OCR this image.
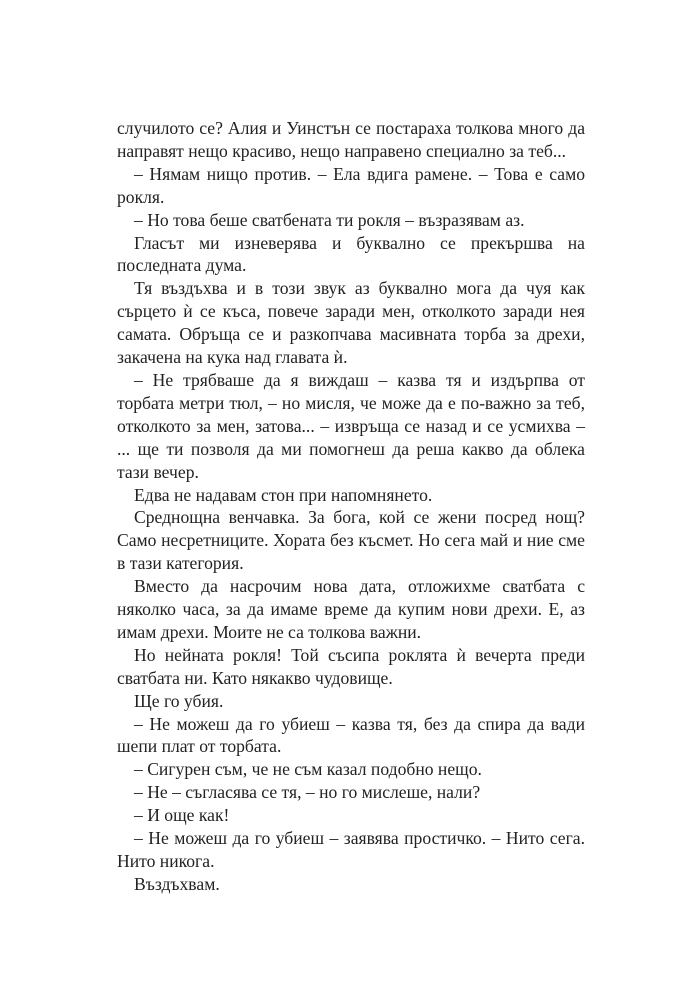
случилото се? Алия и Уинстън се постараха толкова много да направят нещо красиво, нещо направено специално за теб...

– Нямам нищо против. – Ела вдига рамене. – Това е само рокля.

– Но това беше сватбената ти рокля – възразявам аз.

Гласът ми изневерява и буквално се прекършва на последната дума.

Тя въздъхва и в този звук аз буквално мога да чуя как сърцето ѝ се къса, повече заради мен, отколкото заради нея самата. Обръща се и разкопчава масивната торба за дрехи, закачена на кука над главата ѝ.

– Не трябваше да я виждаш – казва тя и издърпва от торбата метри тюл, – но мисля, че може да е по-важно за теб, отколкото за мен, затова... – извръща се назад и се усмихва – ... ще ти позволя да ми помогнеш да реша какво да облека тази вечер.

Едва не надавам стон при напомнянето.

Среднощна венчавка. За бога, кой се жени посред нощ? Само несретниците. Хората без късмет. Но сега май и ние сме в тази категория.

Вместо да насрочим нова дата, отложихме сватбата с няколко часа, за да имаме време да купим нови дрехи. Е, аз имам дрехи. Моите не са толкова важни.

Но нейната рокля! Той съсипа роклята ѝ вечерта преди сватбата ни. Като някакво чудовище.

Ще го убия.

– Не можеш да го убиеш – казва тя, без да спира да вади шепи плат от торбата.

– Сигурен съм, че не съм казал подобно нещо.

– Не – съгласява се тя, – но го мислеше, нали?

– И още как!

– Не можеш да го убиеш – заявява простичко. – Нито сега. Нито никога.

Въздъхвам.
